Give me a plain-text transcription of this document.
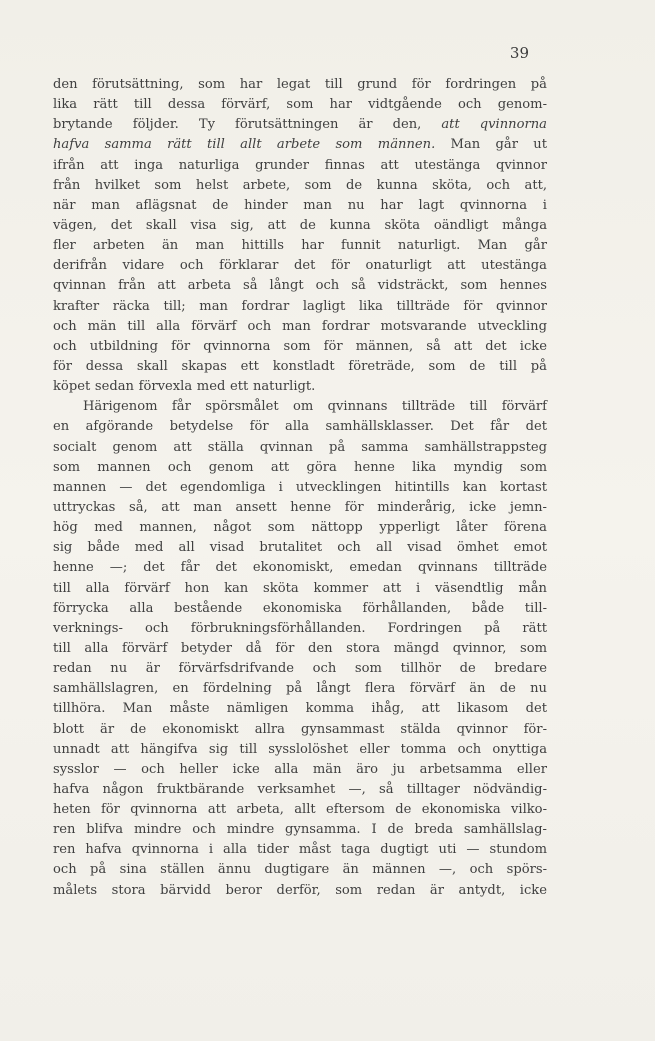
39
den förutsättning, som har legat till grund för fordringen på
lika rätt till dessa förvärf, som har vidtgående och genom-
brytande följder. Ty förutsättningen är den, att qvinnorna
hafva samma rätt till allt arbete som männen. Man går ut
ifrån att inga naturliga grunder finnas att utestänga qvinnor
från hvilket som helst arbete, som de kunna sköta, och att,
när man aflägsnat de hinder man nu har lagt qvinnorna i
vägen, det skall visa sig, att de kunna sköta oändligt många
fler arbeten än man hittills har funnit naturligt. Man går
derifrån vidare och förklarar det för onaturligt att utestänga
qvinnan från att arbeta så långt och så vidsträckt, som hennes
krafter räcka till; man fordrar lagligt lika tillträde för qvinnor
och män till alla förvärf och man fordrar motsvarande utveckling
och utbildning för qvinnorna som för männen, så att det icke
för dessa skall skapas ett konstladt företräde, som de till på
köpet sedan förvexla med ett naturligt.
Härigenom får spörsmålet om qvinnans tillträde till förvärf
en afgörande betydelse för alla samhällsklasser. Det får det
socialt genom att ställa qvinnan på samma samhällstrappsteg
som mannen och genom att göra henne lika myndig som
mannen — det egendomliga i utvecklingen hitintills kan kortast
uttryckas så, att man ansett henne för minderårig, icke jemn-
hög med mannen, något som nättopp ypperligt låter förena
sig både med all visad brutalitet och all visad ömhet emot
henne —; det får det ekonomiskt, emedan qvinnans tillträde
till alla förvärf hon kan sköta kommer att i väsendtlig mån
förrycka alla bestående ekonomiska förhållanden, både till-
verknings- och förbrukningsförhållanden. Fordringen på rätt
till alla förvärf betyder då för den stora mängd qvinnor, som
redan nu är förvärfsdrifvande och som tillhör de bredare
samhällslagren, en fördelning på långt flera förvärf än de nu
tillhöra. Man måste nämligen komma ihåg, att likasom det
blott är de ekonomiskt allra gynsammast stälda qvinnor för-
unnadt att hängifva sig till sysslolöshet eller tomma och onyttiga
sysslor — och heller icke alla män äro ju arbetsamma eller
hafva någon fruktbärande verksamhet —, så tilltager nödvändig-
heten för qvinnorna att arbeta, allt eftersom de ekonomiska vilko-
ren blifva mindre och mindre gynsamma. I de breda samhällslag-
ren hafva qvinnorna i alla tider måst taga dugtigt uti — stundom
och på sina ställen ännu dugtigare än männen —, och spörs-
målets stora bärvidd beror derför, som redan är antydt, icke
